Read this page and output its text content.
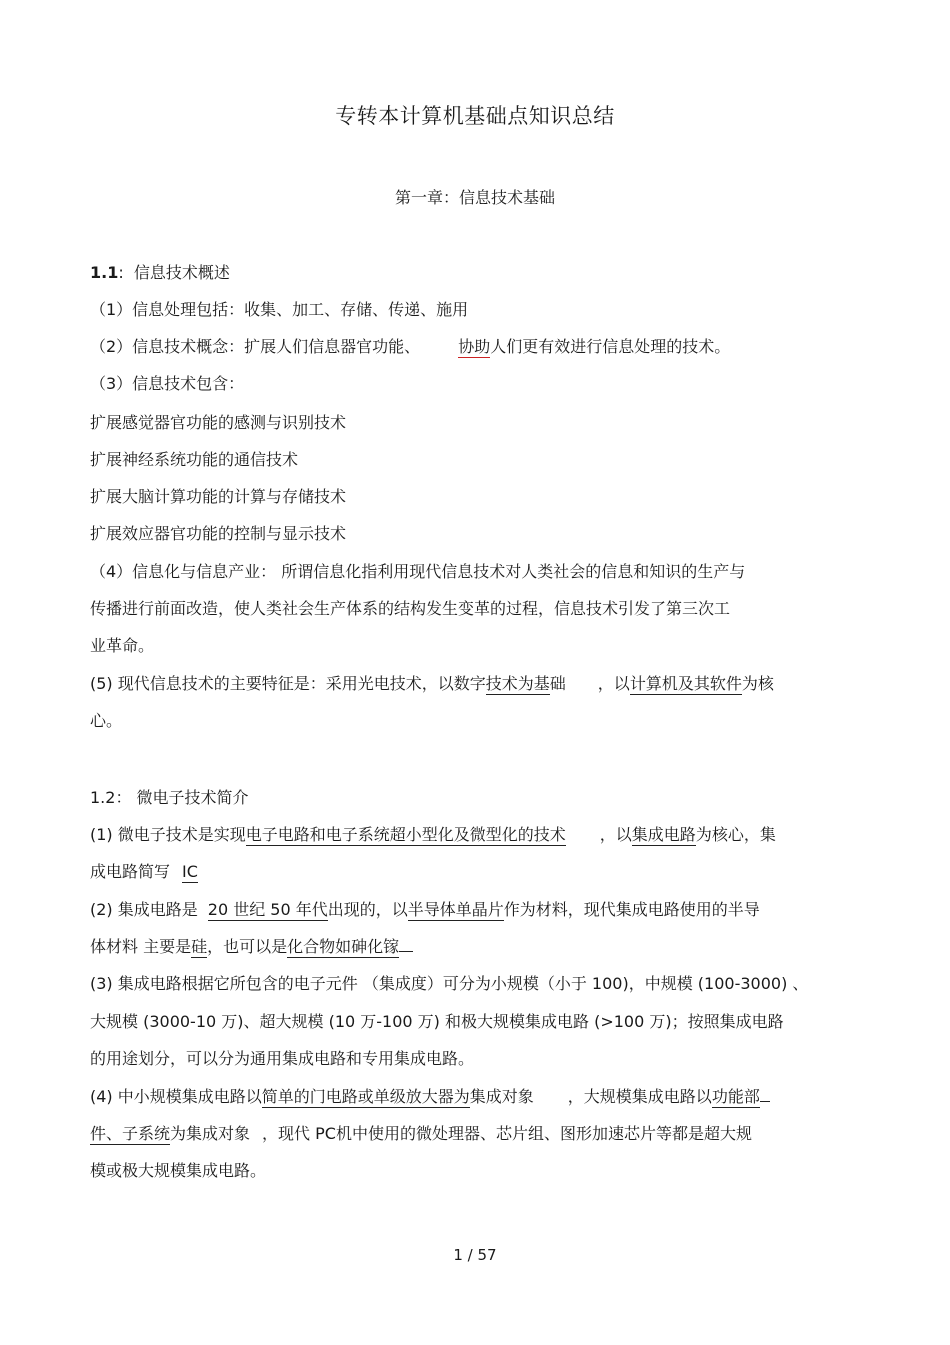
专转本计算机基础点知识总结
第一章：信息技术基础
1.1: 信息技术概述
（1）信息处理包括：收集、加工、存储、传递、施用
（2）信息技术概念：扩展人们信息器官功能、 协助人们更有效进行信息处理的技术。
（3）信息技术包含：
扩展感觉器官功能的感测与识别技术
扩展神经系统功能的通信技术
扩展大脑计算功能的计算与存储技术
扩展效应器官功能的控制与显示技术
（4）信息化与信息产业： 所谓信息化指利用现代信息技术对人类社会的信息和知识的生产与
传播进行前面改造，使人类社会生产体系的结构发生变革的过程，信息技术引发了第三次工
业革命。
(5) 现代信息技术的主要特征是：采用光电技术，以数字技术为基础 ，以计算机及其软件为核
心。
1.2： 微电子技术简介
(1) 微电子技术是实现电子电路和电子系统超小型化及微型化的技术 ，以集成电路为核心，集
成电路简写 IC
(2) 集成电路是 20 世纪 50 年代出现的，以半导体单晶片作为材料，现代集成电路使用的半导
体材料 主要是硅，也可以是化合物如砷化镓
(3) 集成电路根据它所包含的电子元件 （集成度）可分为小规模（小于 100)，中规模 (100-3000) 、
大规模 (3000-10 万)、超大规模 (10 万-100 万) 和极大规模集成电路 (>100 万)；按照集成电路
的用途划分，可以分为通用集成电路和专用集成电路。
(4) 中小规模集成电路以简单的门电路或单级放大器为集成对象 ，大规模集成电路以功能部
件、子系统为集成对象 ，现代 PC机中使用的微处理器、芯片组、图形加速芯片等都是超大规
模或极大规模集成电路。
1 / 57
